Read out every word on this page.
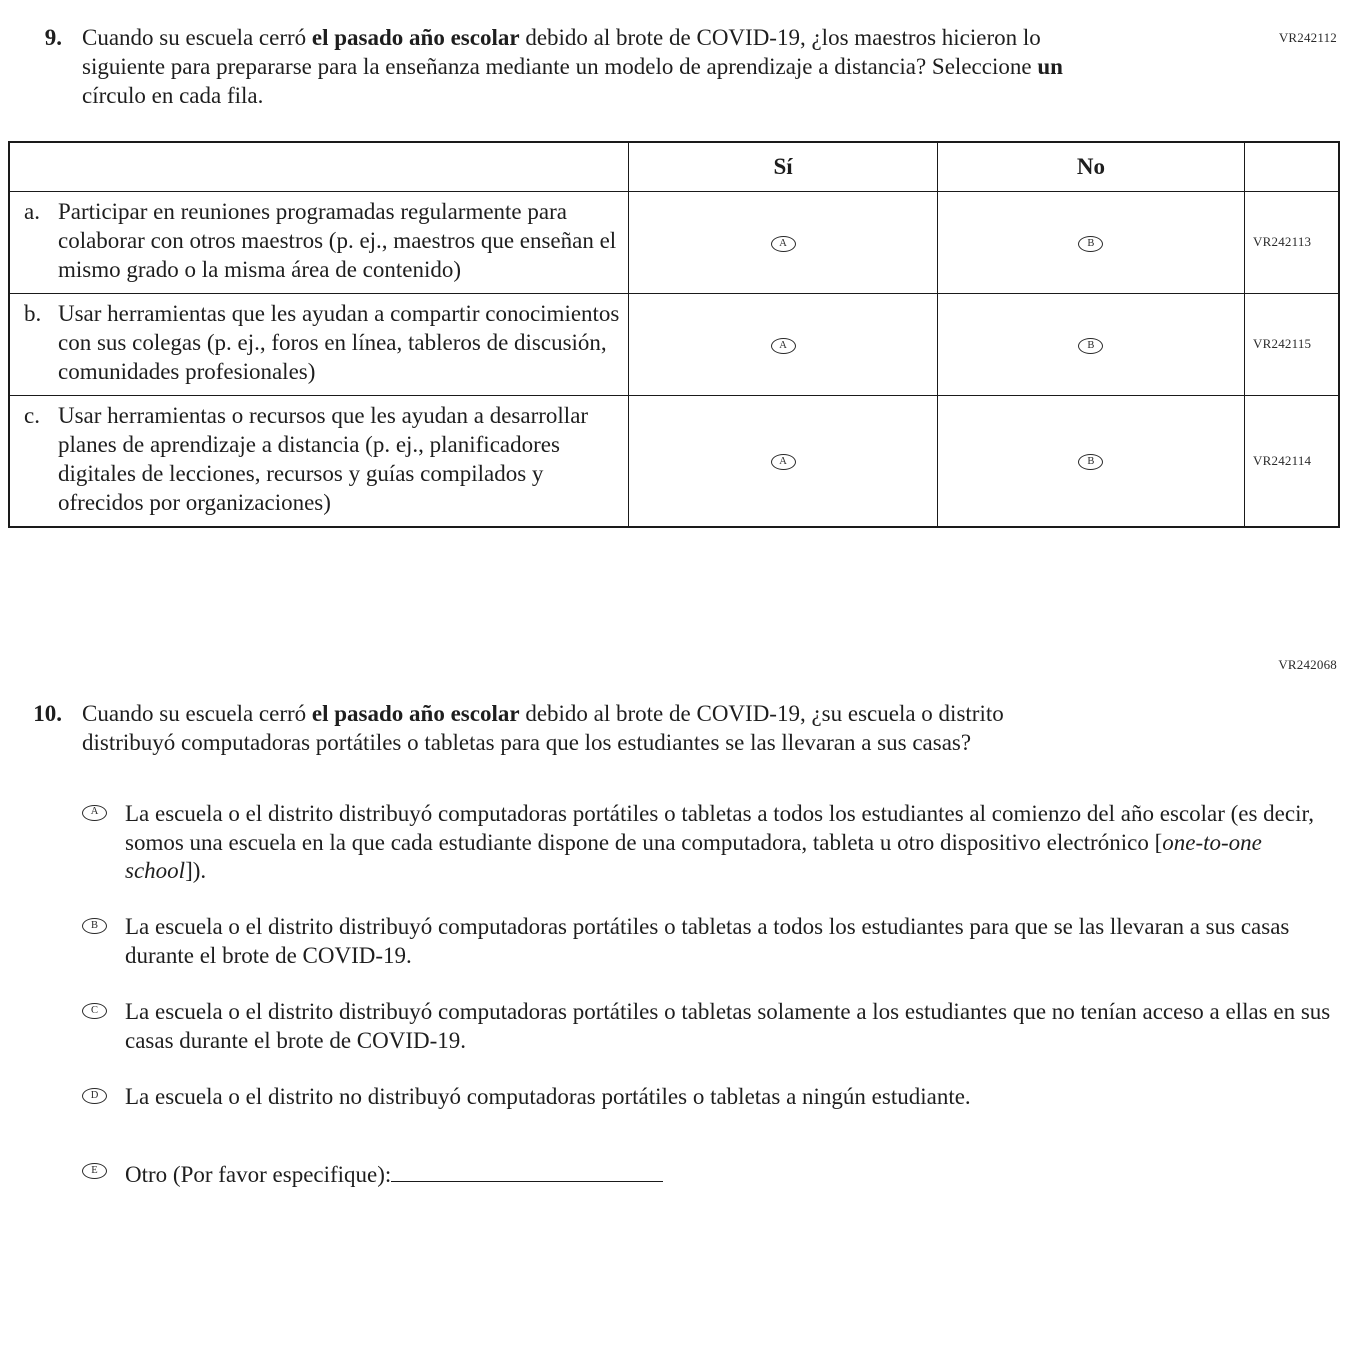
VR242112
9. Cuando su escuela cerró el pasado año escolar debido al brote de COVID-19, ¿los maestros hicieron lo siguiente para prepararse para la enseñanza mediante un modelo de aprendizaje a distancia? Seleccione un círculo en cada fila.
	Sí	No	

a. Participar en reuniones programadas regularmente para colaborar con otros maestros (p. ej., maestros que enseñan el mismo grado o la misma área de contenido)	A	B	VR242113

b. Usar herramientas que les ayudan a compartir conocimientos con sus colegas (p. ej., foros en línea, tableros de discusión, comunidades profesionales)	A	B	VR242115

c. Usar herramientas o recursos que les ayudan a desarrollar planes de aprendizaje a distancia (p. ej., planificadores digitales de lecciones, recursos y guías compilados y ofrecidos por organizaciones)	A	B	VR242114
VR242068
10. Cuando su escuela cerró el pasado año escolar debido al brote de COVID-19, ¿su escuela o distrito distribuyó computadoras portátiles o tabletas para que los estudiantes se las llevaran a sus casas?
A	La escuela o el distrito distribuyó computadoras portátiles o tabletas a todos los estudiantes al comienzo del año escolar (es decir, somos una escuela en la que cada estudiante dispone de una computadora, tableta u otro dispositivo electrónico [one-to-one school]).
B	La escuela o el distrito distribuyó computadoras portátiles o tabletas a todos los estudiantes para que se las llevaran a sus casas durante el brote de COVID-19.
C	La escuela o el distrito distribuyó computadoras portátiles o tabletas solamente a los estudiantes que no tenían acceso a ellas en sus casas durante el brote de COVID-19.
D	La escuela o el distrito no distribuyó computadoras portátiles o tabletas a ningún estudiante.
E	Otro (Por favor especifique):
